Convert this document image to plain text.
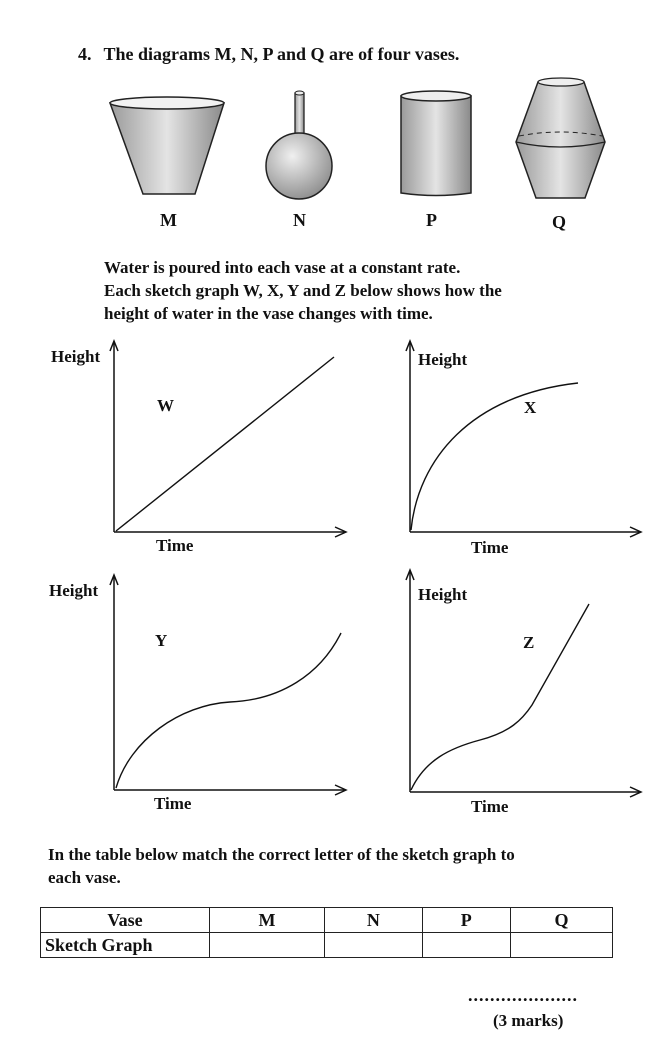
4. The diagrams M, N, P and Q are of four vases.
M	N	P	Q
Water is poured into each vase at a constant rate.
Each sketch graph W, X, Y and Z below shows how the
height of water in the vase changes with time.
Height
W
Time
Height
X
Time
Height
Y
Time
Height
Z
Time
In the table below match the correct letter of the sketch graph to
each vase.
Vase	M	N	P	Q
Sketch Graph				
....................
(3 marks)
